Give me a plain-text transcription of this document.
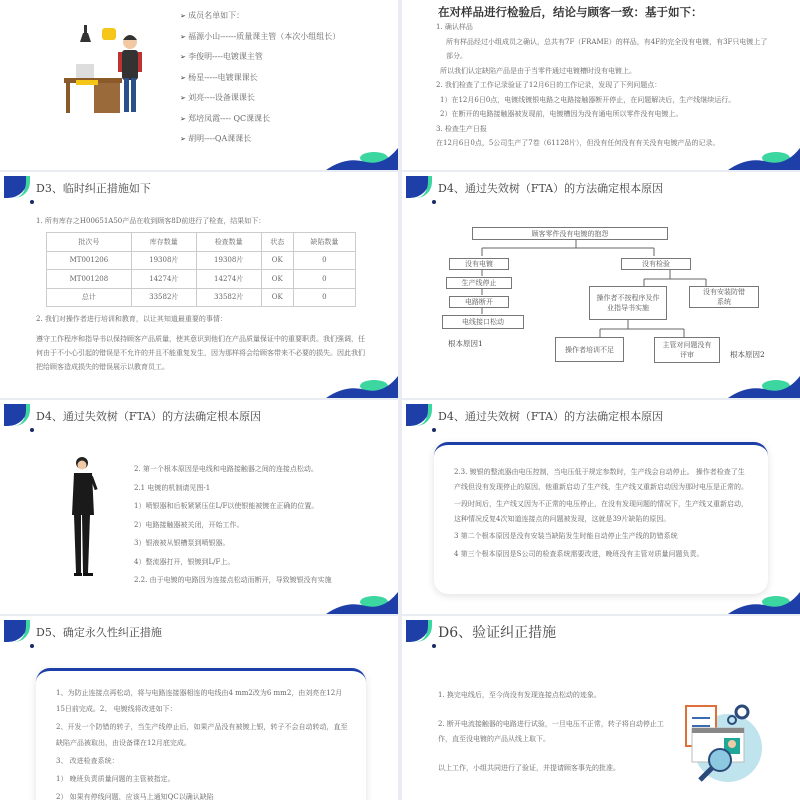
➢ 成员名单如下：
➢ 福源小山------质量课主管（本次小组组长）
➢ 李俊明----电镀课主管
➢ 杨星-----电镀课课长
➢ 刘亮----设备课课长
➢ 郑培凤霞---- QC课课长
➢ 胡明----QA课课长
在对样品进行检验后，结论与顾客一致：基于如下：

1. 确认样品

所有样品经过小组成员之确认，总共有7F（FRAME）的样品，有4F的完全没有电镀，有3F只电镀上了部分。

所以我们认定缺陷产品是由于当零件通过电镀槽时没有电镀上。

2. 我们检查了工作记录验证了12月6日的工作记录，发现了下列问题点：

1）在12月6日0点，电镀线镀银电路之电路接触器断开停止，在问题解决后，生产线继续运行。

2）在断开的电路接触器被发现前，电镀槽因为没有通电所以零件没有电镀上。

3. 检查生产日报

在12月6日0点，5公司生产了7卷（61128片），但没有任何没有有关没有电镀产品的记录。

D3、临时纠正措施如下
1. 所有库存之H00651A50产品在收到顾客8D前进行了检查，结果如下：
批次号	库存数量	检查数量	状态	缺陷数量
MT001206	19308片	19308片	OK	0
MT001208	14274片	14274片	OK	0
总计	33582片	33582片	OK	0
2. 我们对操作者进行培训和教育，以让其知道最重要的事情：
遵守工作程序和指导书以保持顾客产品质量，使其意识到他们在产品质量保证中的重要职责。我们强调，任何由于不小心引起的错误是不允许的并且不能重复发生，因为那样将会给顾客带来不必要的损失。因此我们把给顾客造成损失的错误展示以教育员工。
D4、通过失效树（FTA）的方法确定根本原因
顾客零件没有电镀的抱怨
没有电镀
生产线停止
电路断开
电线接口松动
没有检验
操作者不按程序及作业指导书实施
没有安装防错系统
操作者培训不足
主管对问题没有评审
根本原因1
根本原因2
D4、通过失效树（FTA）的方法确定根本原因

2. 第一个根本原因是电线和电路接触器之间的连接点松动。

2.1 电镀的机制请见图-1

1）喷银器和后板紧紧压住L/F以使银能被镀在正确的位置。

2）电路接触器被关闭，开始工作。

3）银液被从银槽泵到喷银器。

4）整流器打开，银镀到L/F上。

2.2. 由于电镀的电路因为连接点松动而断开，导致镀银没有实施

D4、通过失效树（FTA）的方法确定根本原因

2.3. 镀银的整流器由电压控制，当电压低于规定参数时，生产线会自动停止。 操作者检查了生产线但没有发现停止的原因，他重新启动了生产线，生产线又重新启动因为那时电压是正常的。

一段时间后，生产线又因为不正常的电压停止，在没有发现问题的情况下，生产线又重新启动，这种情况反复4次知道连接点的问题被发现，这就是39片缺陷的原因。

3 第二个根本原因是没有安装当缺陷发生时能自动停止生产线的防错系统

4 第三个根本原因是S公司的检查系统需要改进，晚班没有主管对质量问题负责。

D5、确定永久性纠正措施

1、为防止连接点再松动，将与电路连接器相连的电线由4 mm2改为6 mm2，由刘亮在12月15日前完成。2、 电镀线将改进如下：

2、开发一个防错的转子，当生产线停止后，如果产品没有被镀上银，转子不会自动转动，直至缺陷产品被取出，由设备课在12月底完成。

3、 改进检查系统：

1） 晚班负责质量问题的主管被指定。

2） 如果有停线问题，应该马上通知QC以确认缺陷

D6、验证纠正措施

1. 换完电线后，至今尚没有发现连接点松动的迹象。

2. 断开电流接触器的电路进行试验，一旦电压不正常，转子将自动停止工作，直至没电镀的产品从线上取下。

以上工作，小组共同进行了验证，并提请顾客事先的批准。
